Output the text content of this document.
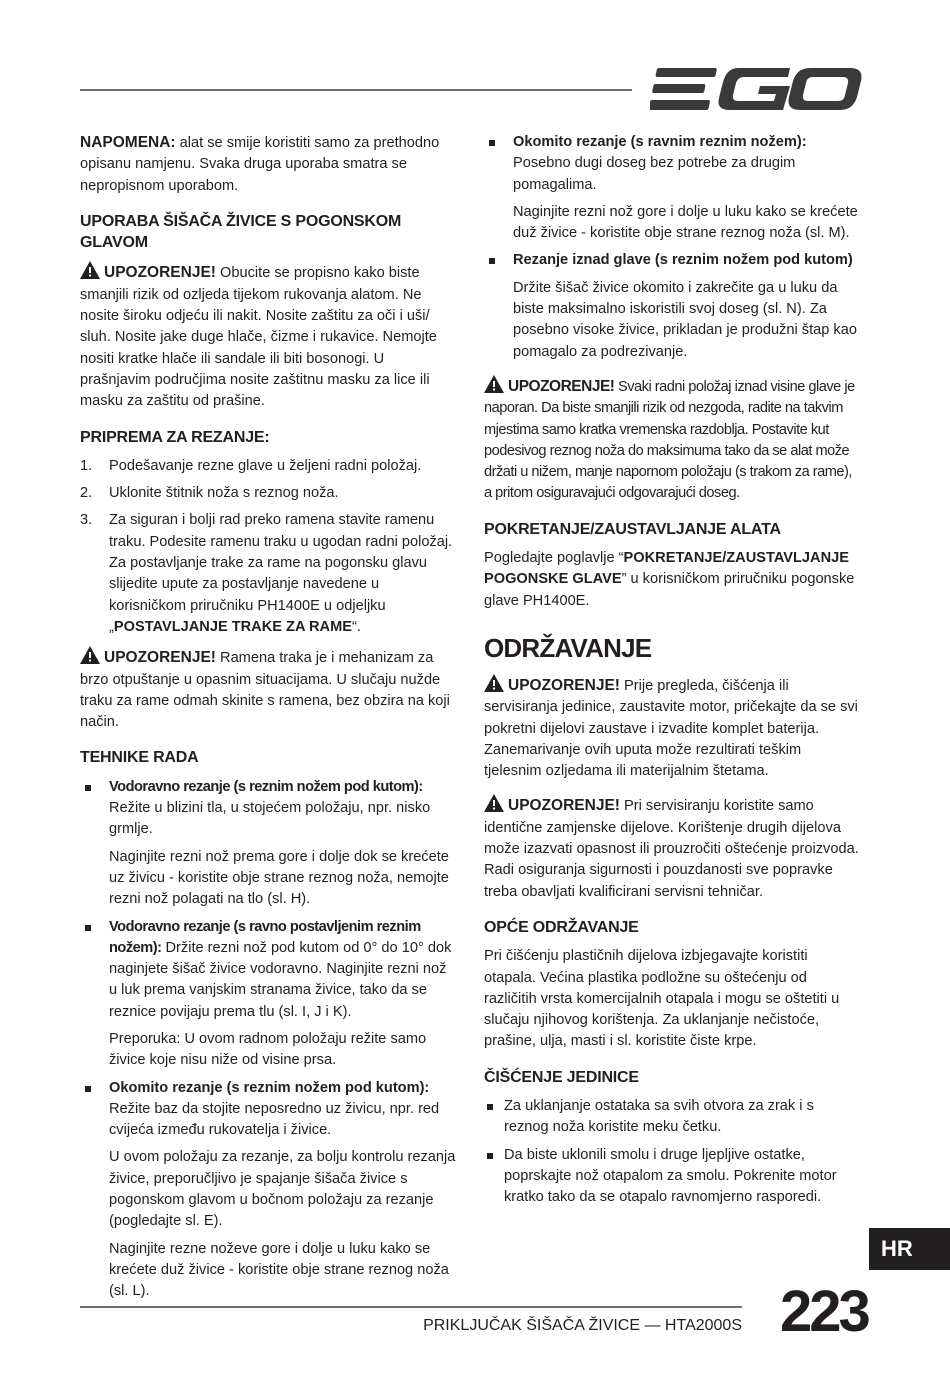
NAPOMENA: alat se smije koristiti samo za prethodno opisanu namjenu. Svaka druga uporaba smatra se nepropisnom uporabom.

UPORABA ŠIŠAČA ŽIVICE S POGONSKOM GLAVOM

UPOZORENJE! Obucite se propisno kako biste smanjili rizik od ozljeda tijekom rukovanja alatom. Ne nosite široku odjeću ili nakit. Nosite zaštitu za oči i uši/ sluh. Nosite jake duge hlače, čizme i rukavice. Nemojte nositi kratke hlače ili sandale ili biti bosonogi. U prašnjavim područjima nosite zaštitnu masku za lice ili masku za zaštitu od prašine.

PRIPREMA ZA REZANJE:
1. Podešavanje rezne glave u željeni radni položaj.
2. Uklonite štitnik noža s reznog noža.
3. Za siguran i bolji rad preko ramena stavite ramenu traku. Podesite ramenu traku u ugodan radni položaj. Za postavljanje trake za rame na pogonsku glavu slijedite upute za postavljanje navedene u korisničkom priručniku PH1400E u odjeljku „POSTAVLJANJE TRAKE ZA RAME“.

UPOZORENJE! Ramena traka je i mehanizam za brzo otpuštanje u opasnim situacijama. U slučaju nužde traku za rame odmah skinite s ramena, bez obzira na koji način.

TEHNIKE RADA
Vodoravno rezanje (s reznim nožem pod kutom): Režite u blizini tla, u stojećem položaju, npr. nisko grmlje.

Naginjite rezni nož prema gore i dolje dok se krećete uz živicu - koristite obje strane reznog noža, nemojte rezni nož polagati na tlo (sl. H).

Vodoravno rezanje (s ravno postavljenim reznim nožem): Držite rezni nož pod kutom od 0° do 10° dok naginjete šišač živice vodoravno. Naginjite rezni nož u luk prema vanjskim stranama živice, tako da se reznice povijaju prema tlu (sl. I, J i K).

Preporuka: U ovom radnom položaju režite samo živice koje nisu niže od visine prsa.

Okomito rezanje (s reznim nožem pod kutom): Režite baz da stojite neposredno uz živicu, npr. red cvijeća između rukovatelja i živice.

U ovom položaju za rezanje, za bolju kontrolu rezanja živice, preporučljivo je spajanje šišača živice s pogonskom glavom u bočnom položaju za rezanje (pogledajte sl. E).

Naginjite rezne noževe gore i dolje u luku kako se krećete duž živice - koristite obje strane reznog noža (sl. L).

Okomito rezanje (s ravnim reznim nožem):
Posebno dugi doseg bez potrebe za drugim pomagalima.

Naginjite rezni nož gore i dolje u luku kako se krećete duž živice - koristite obje strane reznog noža (sl. M).

Rezanje iznad glave (s reznim nožem pod kutom)

Držite šišač živice okomito i zakrečite ga u luku da biste maksimalno iskoristili svoj doseg (sl. N). Za posebno visoke živice, prikladan je produžni štap kao pomagalo za podrezivanje.

UPOZORENJE! Svaki radni položaj iznad visine glave je naporan. Da biste smanjili rizik od nezgoda, radite na takvim mjestima samo kratka vremenska razdoblja. Postavite kut podesivog reznog noža do maksimuma tako da se alat može držati u nižem, manje napornom položaju (s trakom za rame), a pritom osiguravajući odgovarajući doseg.

POKRETANJE/ZAUSTAVLJANJE ALATA

Pogledajte poglavlje “POKRETANJE/ZAUSTAVLJANJE POGONSKE GLAVE” u korisničkom priručniku pogonske glave PH1400E.

ODRŽAVANJE

UPOZORENJE! Prije pregleda, čišćenja ili servisiranja jedinice, zaustavite motor, pričekajte da se svi pokretni dijelovi zaustave i izvadite komplet baterija. Zanemarivanje ovih uputa može rezultirati teškim tjelesnim ozljedama ili materijalnim štetama.

UPOZORENJE! Pri servisiranju koristite samo identične zamjenske dijelove. Korištenje drugih dijelova može izazvati opasnost ili prouzročiti oštećenje proizvoda. Radi osiguranja sigurnosti i pouzdanosti sve popravke treba obavljati kvalificirani servisni tehničar.

OPĆE ODRŽAVANJE

Pri čišćenju plastičnih dijelova izbjegavajte koristiti otapala. Većina plastika podložne su oštećenju od različitih vrsta komercijalnih otapala i mogu se oštetiti u slučaju njihovog korištenja. Za uklanjanje nečistoće, prašine, ulja, masti i sl. koristite čiste krpe.

ČIŠĆENJE JEDINICE
Za uklanjanje ostataka sa svih otvora za zrak i s reznog noža koristite meku četku.
Da biste uklonili smolu i druge ljepljive ostatke, poprskajte nož otapalom za smolu. Pokrenite motor kratko tako da se otapalo ravnomjerno rasporedi.
HR
PRIKLJUČAK ŠIŠAČA ŽIVICE — HTA2000S 223
